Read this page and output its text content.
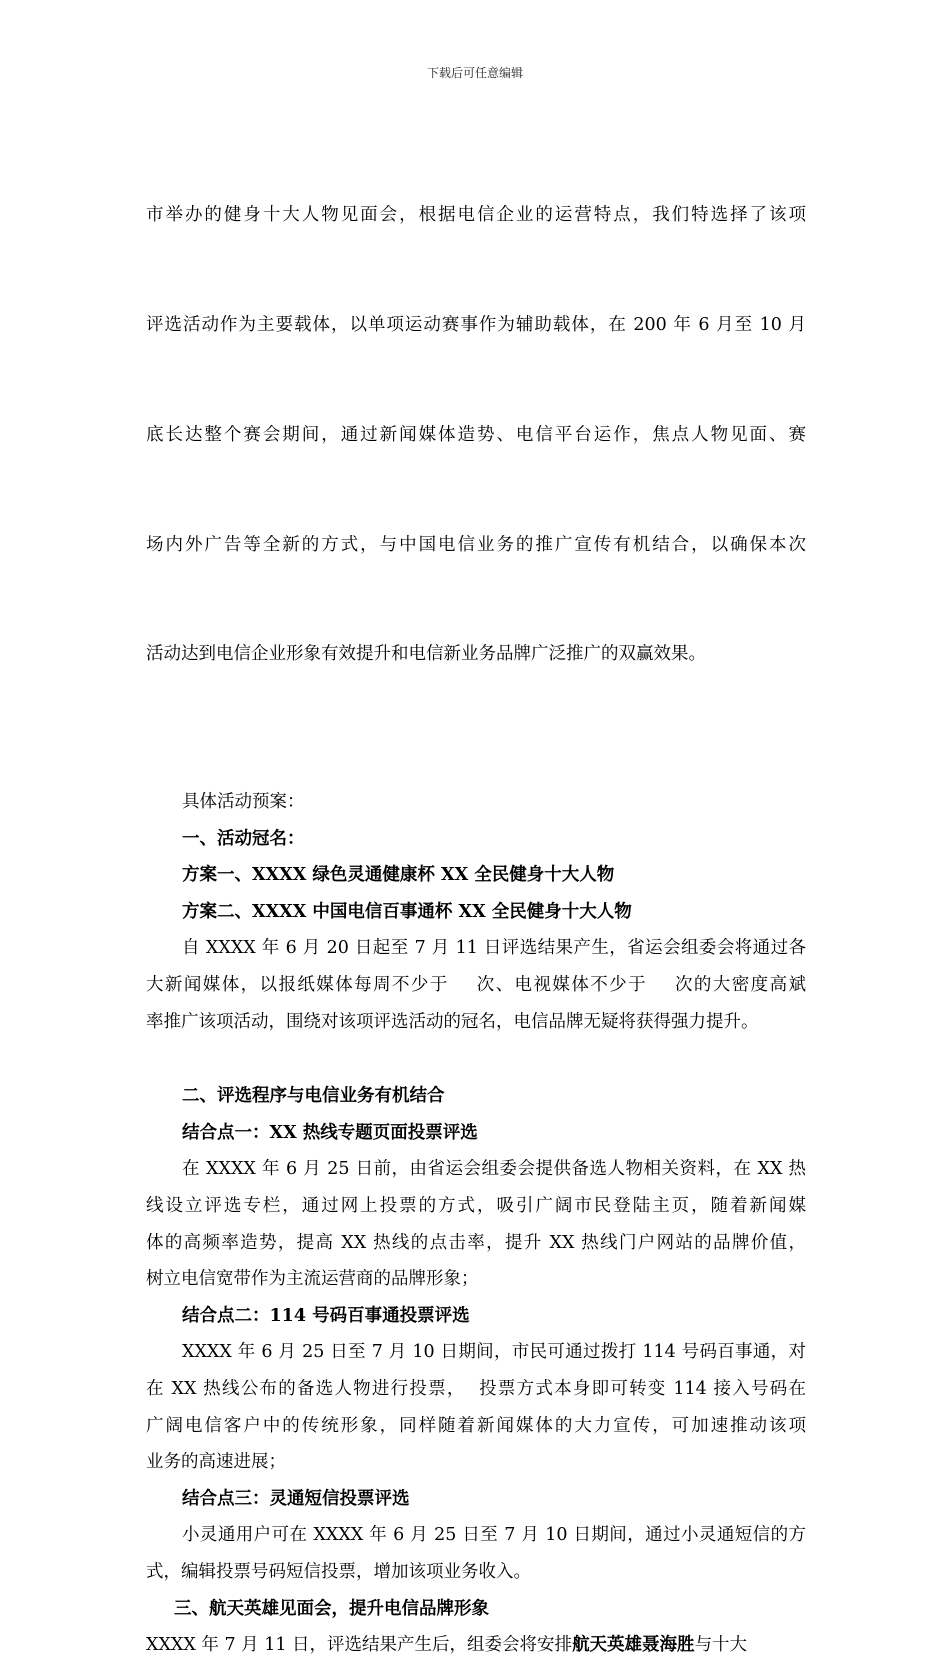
下载后可任意编辑

市举办的健身十大人物见面会，根据电信企业的运营特点，我们特选择了该项

评选活动作为主要载体，以单项运动赛事作为辅助载体，在 200 年 6 月至 10 月

底长达整个赛会期间，通过新闻媒体造势、电信平台运作，焦点人物见面、赛

场内外广告等全新的方式，与中国电信业务的推广宣传有机结合，以确保本次

活动达到电信企业形象有效提升和电信新业务品牌广泛推广的双赢效果。

具体活动预案：
一、活动冠名：
方案一、XXXX 绿色灵通健康杯 XX 全民健身十大人物
方案二、XXXX 中国电信百事通杯 XX 全民健身十大人物
自 XXXX 年 6 月 20 日起至 7 月 11 日评选结果产生，省运会组委会将通过各
大新闻媒体，以报纸媒体每周不少于    次、电视媒体不少于    次的大密度高斌
率推广该项活动，围绕对该项评选活动的冠名，电信品牌无疑将获得强力提升。
二、评选程序与电信业务有机结合
结合点一：XX 热线专题页面投票评选
在 XXXX 年 6 月 25 日前，由省运会组委会提供备选人物相关资料，在 XX 热
线设立评选专栏，通过网上投票的方式，吸引广阔市民登陆主页，随着新闻媒
体的高频率造势，提高 XX 热线的点击率，提升 XX 热线门户网站的品牌价值，
树立电信宽带作为主流运营商的品牌形象；
结合点二：114 号码百事通投票评选
XXXX 年 6 月 25 日至 7 月 10 日期间，市民可通过拨打 114 号码百事通，对
在 XX 热线公布的备选人物进行投票，  投票方式本身即可转变 114 接入号码在
广阔电信客户中的传统形象，同样随着新闻媒体的大力宣传，可加速推动该项
业务的高速进展；
结合点三：灵通短信投票评选
小灵通用户可在 XXXX 年 6 月 25 日至 7 月 10 日期间，通过小灵通短信的方
式，编辑投票号码短信投票，增加该项业务收入。
三、航天英雄见面会，提升电信品牌形象
XXXX 年 7 月 11 日，评选结果产生后，组委会将安排航天英雄聂海胜与十大
